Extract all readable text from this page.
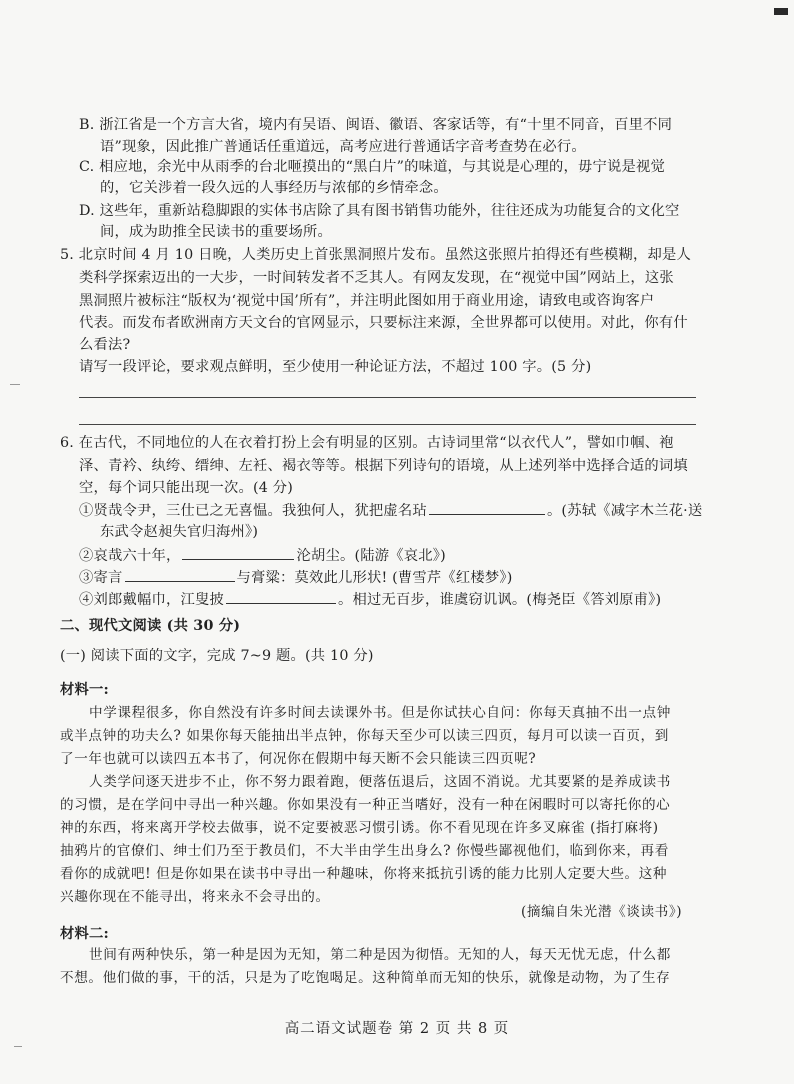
B. 浙江省是一个方言大省，境内有吴语、闽语、徽语、客家话等，有“十里不同音，百里不同
语”现象，因此推广普通话任重道远，高考应进行普通话字音考查势在必行。
C. 相应地，余光中从雨季的台北咂摸出的“黑白片”的味道，与其说是心理的，毋宁说是视觉
的，它关涉着一段久远的人事经历与浓郁的乡情牵念。
D. 这些年，重新站稳脚跟的实体书店除了具有图书销售功能外，往往还成为功能复合的文化空
间，成为助推全民读书的重要场所。
5. 北京时间 4 月 10 日晚，人类历史上首张黑洞照片发布。虽然这张照片拍得还有些模糊，却是人
类科学探索迈出的一大步，一时间转发者不乏其人。有网友发现，在“视觉中国”网站上，这张
黑洞照片被标注“版权为‘视觉中国’所有”，并注明此图如用于商业用途，请致电或咨询客户
代表。而发布者欧洲南方天文台的官网显示，只要标注来源，全世界都可以使用。对此，你有什
么看法?
请写一段评论，要求观点鲜明，至少使用一种论证方法，不超过 100 字。(5 分)
6. 在古代，不同地位的人在衣着打扮上会有明显的区别。古诗词里常“以衣代人”，譬如巾帼、袍
泽、青衿、纨绔、缙绅、左衽、褐衣等等。根据下列诗句的语境，从上述列举中选择合适的词填
空，每个词只能出现一次。(4 分)
①贤哉令尹，三仕已之无喜愠。我独何人，犹把虚名玷	。(苏轼《减字木兰花·送
东武令赵昶失官归海州》)
②哀哉六十年，	沦胡尘。(陆游《哀北》)
③寄言	与膏粱：莫效此儿形状! (曹雪芹《红楼梦》)
④刘郎戴幅巾，江叟披	。相过无百步，谁虞窃讥讽。(梅尧臣《答刘原甫》)
二、现代文阅读 (共 30 分)
(一) 阅读下面的文字，完成 7~9 题。(共 10 分)
材料一:
中学课程很多，你自然没有许多时间去读课外书。但是你试扶心自问：你每天真抽不出一点钟
或半点钟的功夫么? 如果你每天能抽出半点钟，你每天至少可以读三四页，每月可以读一百页，到
了一年也就可以读四五本书了，何况你在假期中每天断不会只能读三四页呢?
人类学问逐天进步不止，你不努力跟着跑，便落伍退后，这固不消说。尤其要紧的是养成读书
的习惯，是在学问中寻出一种兴趣。你如果没有一种正当嗜好，没有一种在闲暇时可以寄托你的心
神的东西，将来离开学校去做事，说不定要被恶习惯引诱。你不看见现在许多叉麻雀 (指打麻将)
抽鸦片的官僚们、绅士们乃至于教员们，不大半由学生出身么? 你慢些鄙视他们，临到你来，再看
看你的成就吧! 但是你如果在读书中寻出一种趣味，你将来抵抗引诱的能力比别人定要大些。这种
兴趣你现在不能寻出，将来永不会寻出的。
(摘编自朱光潜《谈读书》)
材料二:
世间有两种快乐，第一种是因为无知，第二种是因为彻悟。无知的人，每天无忧无虑，什么都
不想。他们做的事，干的活，只是为了吃饱喝足。这种简单而无知的快乐，就像是动物，为了生存
高二语文试题卷 第 2 页 共 8 页
